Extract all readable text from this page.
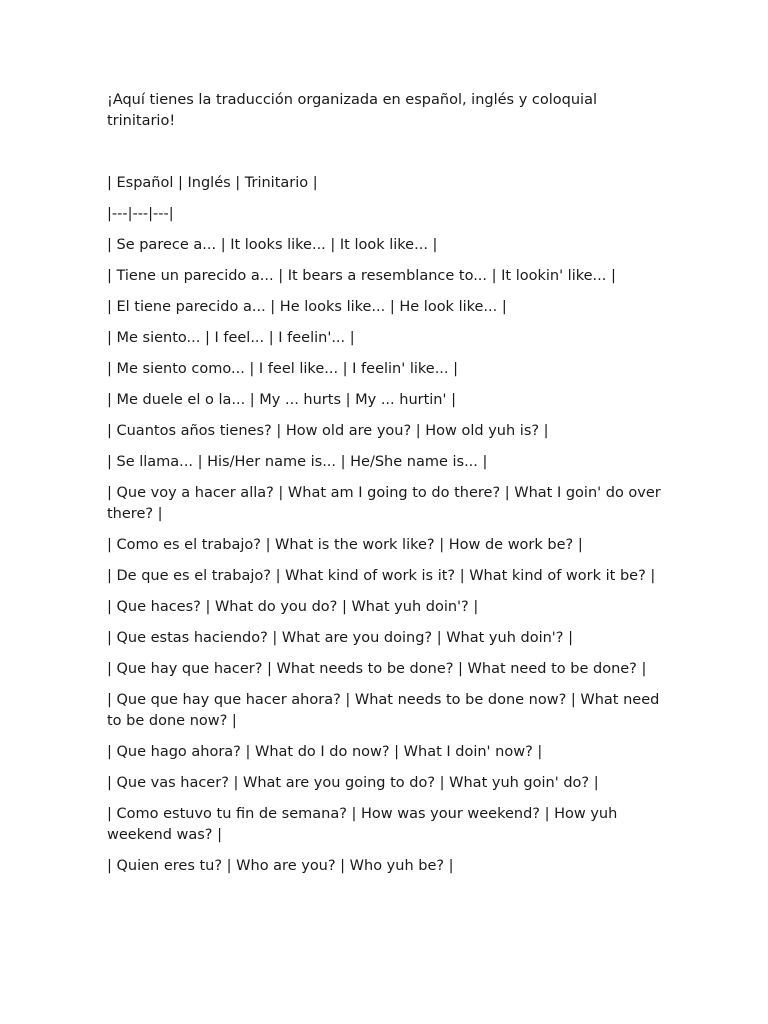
¡Aquí tienes la traducción organizada en español, inglés y coloquial trinitario!

| Español | Inglés | Trinitario |

|---|---|---|

| Se parece a... | It looks like... | It look like... |

| Tiene un parecido a... | It bears a resemblance to... | It lookin' like... |

| El tiene parecido a... | He looks like... | He look like... |

| Me siento... | I feel... | I feelin'... |

| Me siento como... | I feel like... | I feelin' like... |

| Me duele el o la... | My ... hurts | My ... hurtin' |

| Cuantos años tienes? | How old are you? | How old yuh is? |

| Se llama... | His/Her name is... | He/She name is... |

| Que voy a hacer alla? | What am I going to do there? | What I goin' do over there? |

| Como es el trabajo? | What is the work like? | How de work be? |

| De que es el trabajo? | What kind of work is it? | What kind of work it be? |

| Que haces? | What do you do? | What yuh doin'? |

| Que estas haciendo? | What are you doing? | What yuh doin'? |

| Que hay que hacer? | What needs to be done? | What need to be done? |

| Que que hay que hacer ahora? | What needs to be done now? | What need to be done now? |

| Que hago ahora? | What do I do now? | What I doin' now? |

| Que vas hacer? | What are you going to do? | What yuh goin' do? |

| Como estuvo tu fin de semana? | How was your weekend? | How yuh weekend was? |

| Quien eres tu? | Who are you? | Who yuh be? |
